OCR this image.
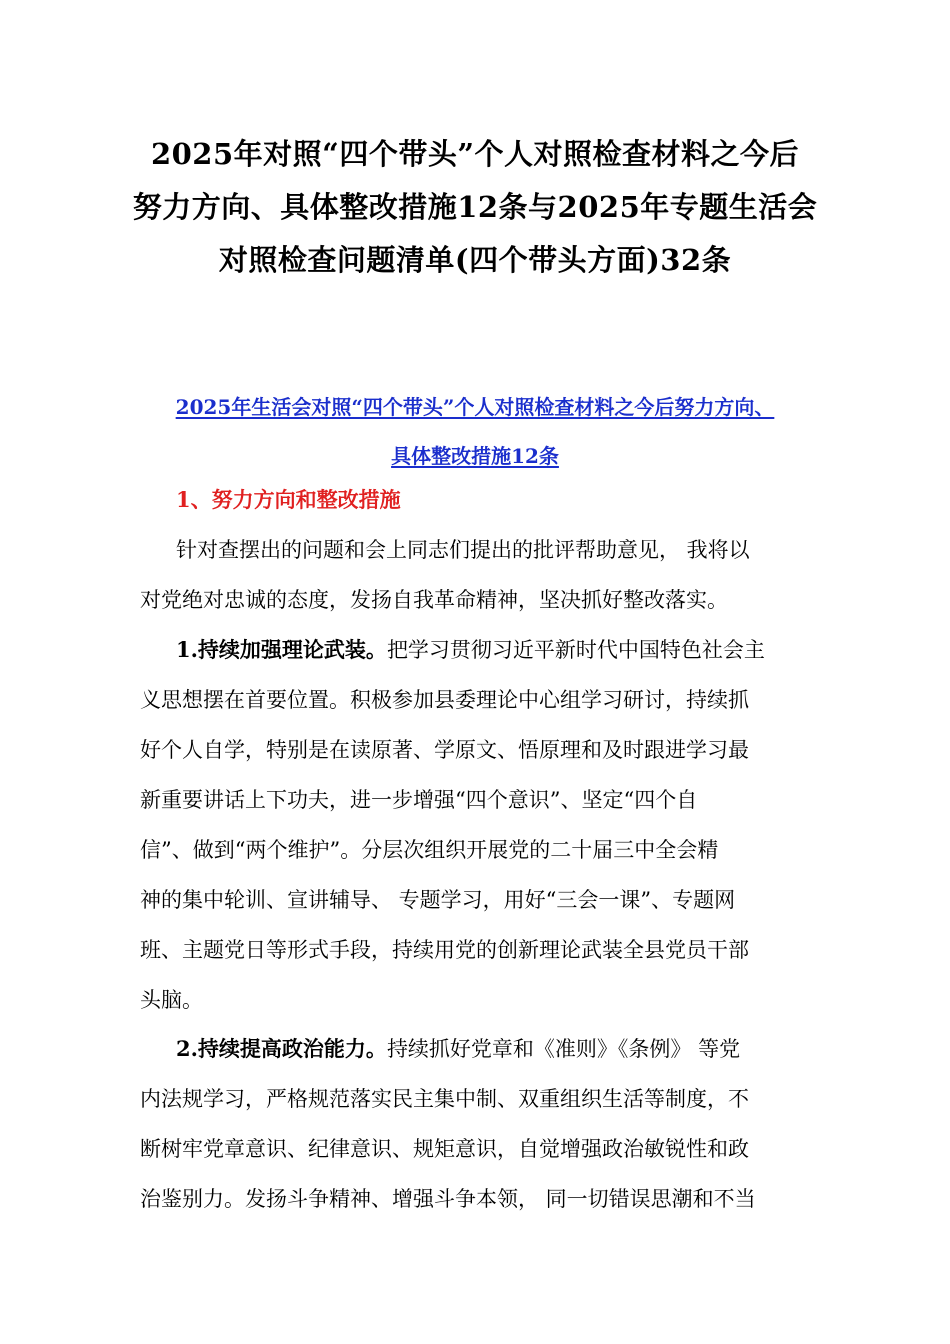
2025年对照“四个带头”个人对照检查材料之今后
努力方向、具体整改措施12条与2025年专题生活会
对照检查问题清单(四个带头方面)32条
2025年生活会对照“四个带头”个人对照检查材料之今后努力方向、
具体整改措施12条
1、努力方向和整改措施
针对查摆出的问题和会上同志们提出的批评帮助意见， 我将以
对党绝对忠诚的态度，发扬自我革命精神，坚决抓好整改落实。
1.持续加强理论武装。把学习贯彻习近平新时代中国特色社会主
义思想摆在首要位置。积极参加县委理论中心组学习研讨，持续抓
好个人自学，特别是在读原著、学原文、悟原理和及时跟进学习最
新重要讲话上下功夫，进一步增强“四个意识”、坚定“四个自
信”、做到“两个维护”。分层次组织开展党的二十届三中全会精
神的集中轮训、宣讲辅导、 专题学习，用好“三会一课”、专题网
班、主题党日等形式手段，持续用党的创新理论武装全县党员干部
头脑。
2.持续提高政治能力。持续抓好党章和《准则》《条例》 等党
内法规学习，严格规范落实民主集中制、双重组织生活等制度，不
断树牢党章意识、纪律意识、规矩意识，自觉增强政治敏锐性和政
治鉴别力。发扬斗争精神、增强斗争本领， 同一切错误思潮和不当
